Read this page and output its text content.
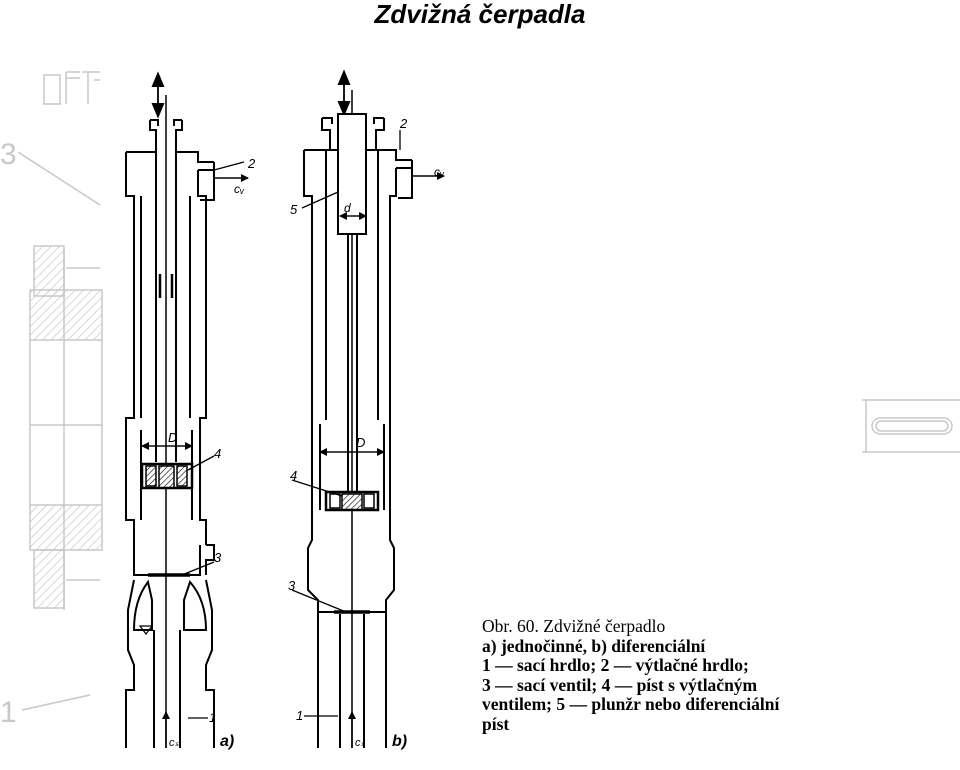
Zdvižná čerpadla
3
1
2
cᵥ
D
4
3
1
cₛ	a)
2
cᵥ
5	d
D
4
3
1
cₛ b)
Obr. 60. Zdvižné čerpadlo
a) jednočinné, b) diferenciální
1 — sací hrdlo; 2 — výtlačné hrdlo;
3 — sací ventil; 4 — píst s výtlačným
ventilem; 5 — plunžr nebo diferenciální
píst
